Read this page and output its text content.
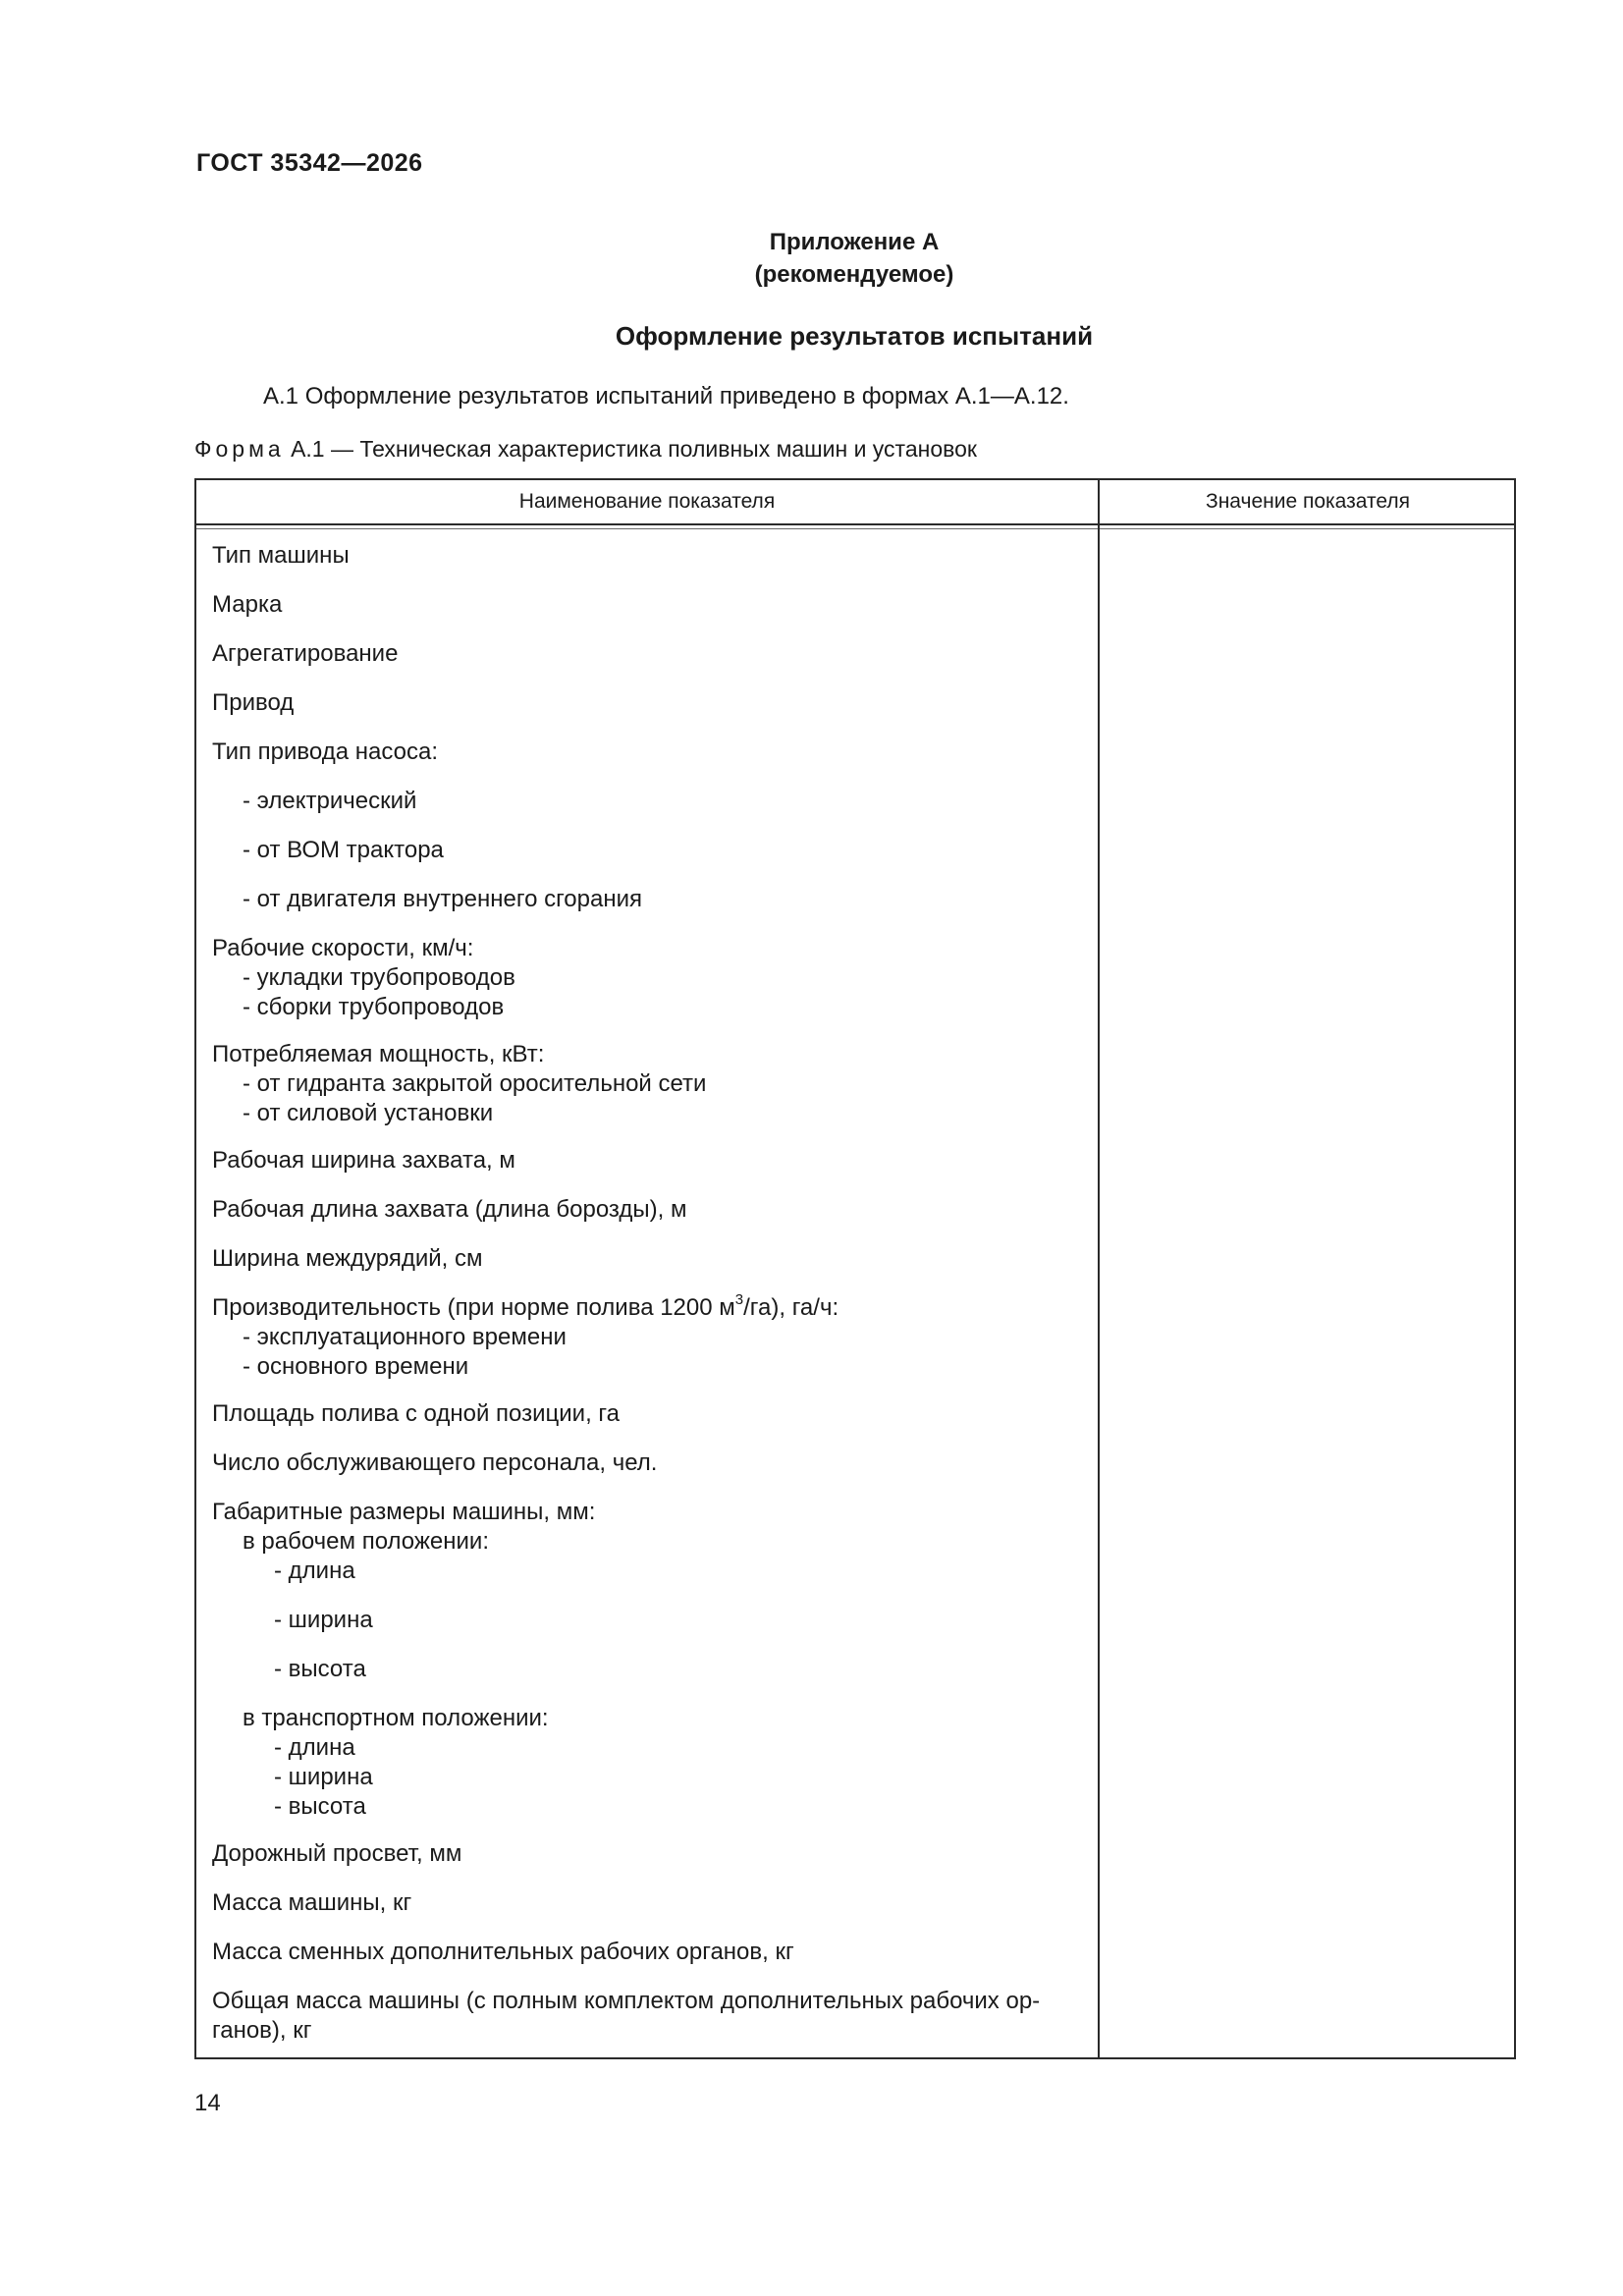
ГОСТ 35342—2026
Приложение А
(рекомендуемое)
Оформление результатов испытаний
А.1 Оформление результатов испытаний приведено в формах А.1—А.12.
Форма А.1 — Техническая характеристика поливных машин и установок
Наименование показателя	Значение показателя
Тип машины
Марка
Агрегатирование
Привод
Тип привода насоса:
- электрический
- от ВОМ трактора
- от двигателя внутреннего сгорания
Рабочие скорости, км/ч:
- укладки трубопроводов
- сборки трубопроводов
Потребляемая мощность, кВт:
- от гидранта закрытой оросительной сети
- от силовой установки
Рабочая ширина захвата, м
Рабочая длина захвата (длина борозды), м
Ширина междурядий, см
Производительность (при норме полива 1200 $м^3/га$), га/ч:
- эксплуатационного времени
- основного времени
Площадь полива с одной позиции, га
Число обслуживающего персонала, чел.
Габаритные размеры машины, мм:
в рабочем положении:
- длина
- ширина
- высота
в транспортном положении:
- длина
- ширина
- высота
Дорожный просвет, мм
Масса машины, кг
Масса сменных дополнительных рабочих органов, кг
Общая масса машины (с полным комплектом дополнительных рабочих ор-
ганов), кг
14
